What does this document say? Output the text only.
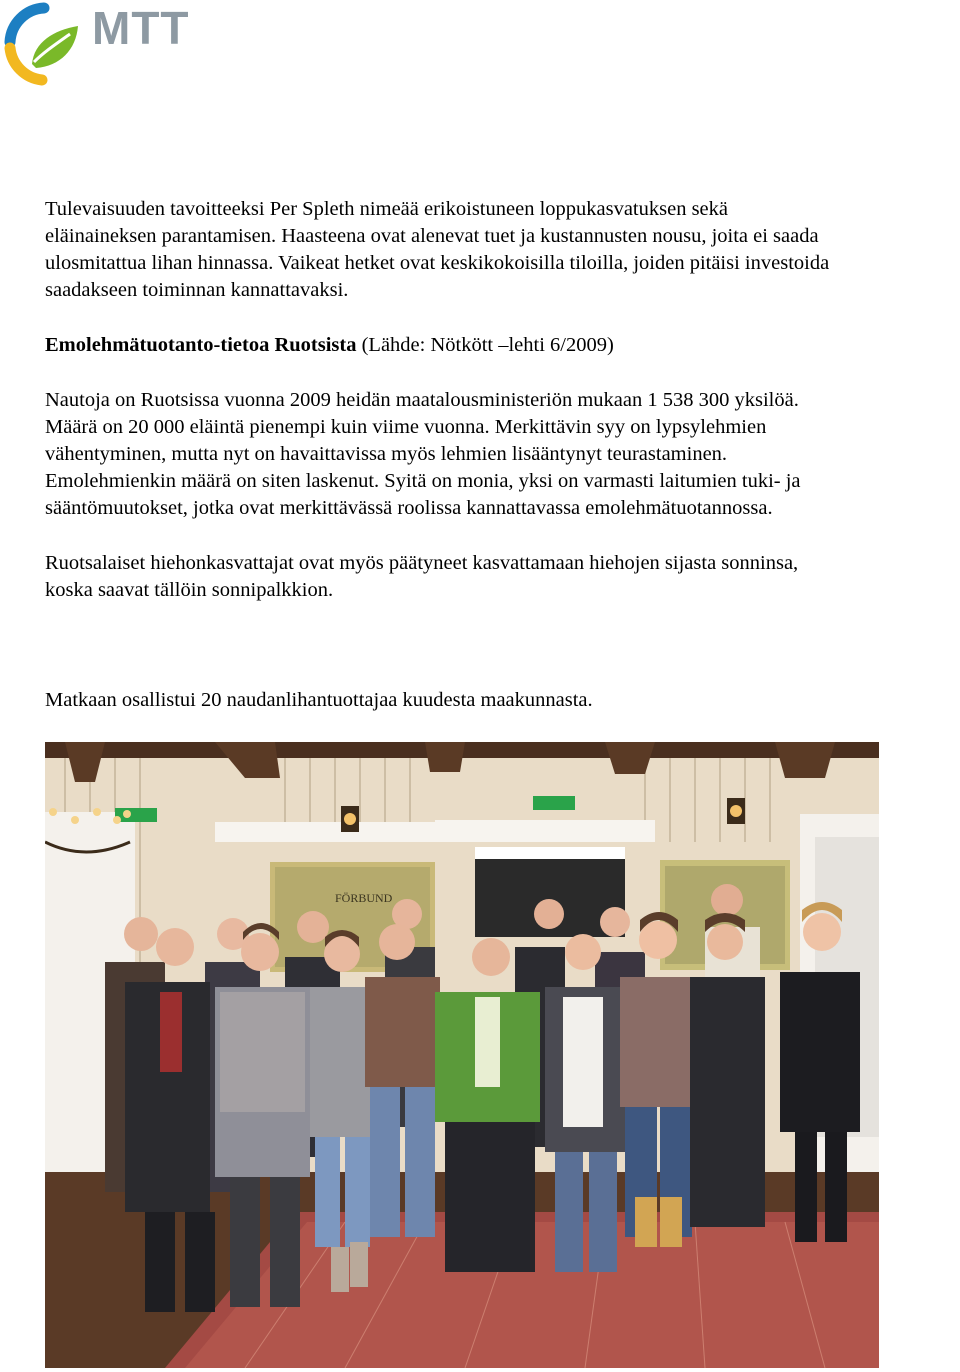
MTT
Tulevaisuuden tavoitteeksi Per Spleth nimeää erikoistuneen loppukasvatuksen sekä
eläinaineksen parantamisen. Haasteena ovat alenevat tuet ja kustannusten nousu, joita ei saada
ulosmitattua lihan hinnassa. Vaikeat hetket ovat keskikokoisilla tiloilla, joiden pitäisi investoida
saadakseen toiminnan kannattavaksi.
Emolehmätuotanto-tietoa Ruotsista (Lähde: Nötkött –lehti 6/2009)
Nautoja on Ruotsissa vuonna 2009 heidän maatalousministeriön mukaan 1 538 300 yksilöä.
Määrä on 20 000 eläintä pienempi kuin viime vuonna. Merkittävin syy on lypsylehmien
vähentyminen, mutta nyt on havaittavissa myös lehmien lisääntynyt teurastaminen.
Emolehmienkin määrä on siten laskenut. Syitä on monia, yksi on varmasti laitumien tuki- ja
sääntömuutokset, jotka ovat merkittävässä roolissa kannattavassa emolehmätuotannossa.
Ruotsalaiset hiehonkasvattajat ovat myös päätyneet kasvattamaan hiehojen sijasta sonninsa,
koska saavat tällöin sonnipalkkion.
Matkaan osallistui 20 naudanlihantuottajaa kuudesta maakunnasta.
FÖRBUND
